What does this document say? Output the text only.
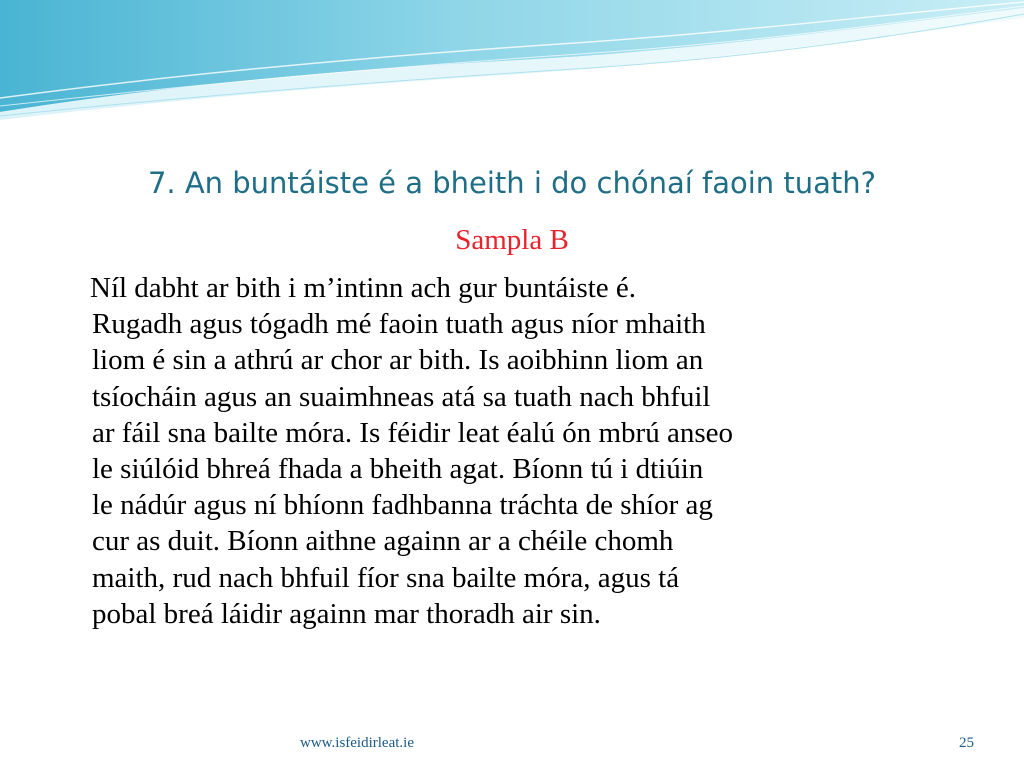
7. An buntáiste é a bheith i do chónaí faoin tuath?
Sampla B
Níl dabht ar bith i m’intinn ach gur buntáiste é.
Rugadh agus tógadh mé faoin tuath agus níor mhaith
liom é sin a athrú ar chor ar bith. Is aoibhinn liom an
tsíocháin agus an suaimhneas atá sa tuath nach bhfuil
ar fáil sna bailte móra. Is féidir leat éalú ón mbrú anseo
le siúlóid bhreá fhada a bheith agat. Bíonn tú i dtiúin
le nádúr agus ní bhíonn fadhbanna tráchta de shíor ag
cur as duit. Bíonn aithne againn ar a chéile chomh
maith, rud nach bhfuil fíor sna bailte móra, agus tá
pobal breá láidir againn mar thoradh air sin.
www.isfeidirleat.ie	25
